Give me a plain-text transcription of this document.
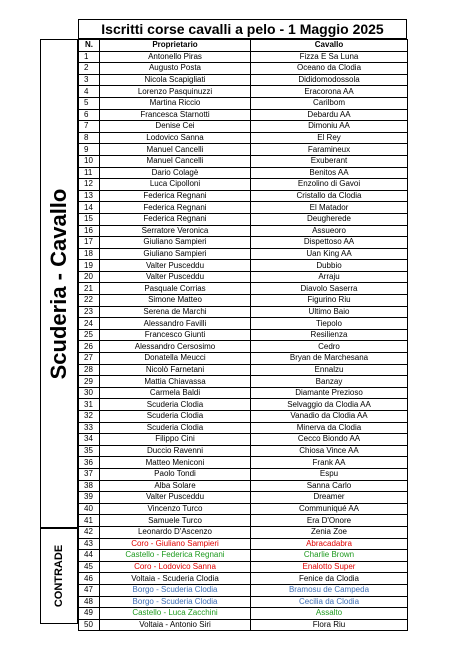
Iscritti corse cavalli a pelo - 1 Maggio 2025
Scuderia - Cavallo
CONTRADE
N.	Proprietario	Cavallo
1	Antonello Piras	Fizza E Sa Luna
2	Augusto Posta	Oceano da Clodia
3	Nicola Scapigliati	Dididomodossola
4	Lorenzo Pasquinuzzi	Eracorona AA
5	Martina Riccio	Carilbom
6	Francesca Starnotti	Debardu AA
7	Denise Cei	Dimoniu AA
8	Lodovico Sanna	El Rey
9	Manuel Cancelli	Faramineux
10	Manuel Cancelli	Exuberant
11	Dario Colagè	Benitos AA
12	Luca Cipolloni	Enzolino di Gavoi
13	Federica Regnani	Cristallo da Clodia
14	Federica Regnani	El Matador
15	Federica Regnani	Deugherede
16	Serratore Veronica	Assueoro
17	Giuliano Sampieri	Dispettoso AA
18	Giuliano Sampieri	Uan King AA
19	Valter Pusceddu	Dubbio
20	Valter Pusceddu	Arraju
21	Pasquale Corrias	Diavolo Saserra
22	Simone Matteo	Figurino Riu
23	Serena de Marchi	Ultimo Baio
24	Alessandro Favilli	Tiepolo
25	Francesco Giunti	Resilienza
26	Alessandro Cersosimo	Cedro
27	Donatella Meucci	Bryan de Marchesana
28	Nicolò Farnetani	Ennalzu
29	Mattia Chiavassa	Banzay
30	Carmela Baldi	Diamante Prezioso
31	Scuderia Clodia	Selvaggio da Clodia AA
32	Scuderia Clodia	Vanadio da Clodia AA
33	Scuderia Clodia	Minerva da Clodia
34	Filippo Cini	Cecco Biondo AA
35	Duccio Ravenni	Chiosa Vince AA
36	Matteo Meniconi	Frank AA
37	Paolo Tondi	Espu
38	Alba Solare	Sanna Carlo
39	Valter Pusceddu	Dreamer
40	Vincenzo Turco	Communiqué AA
41	Samuele Turco	Era D'Onore
42	Leonardo D'Ascenzo	Zenia Zoe
43	Coro - Giuliano Sampieri	Abracadabra
44	Castello - Federica Regnani	Charlie Brown
45	Coro - Lodovico Sanna	Enalotto Super
46	Voltaia - Scuderia Clodia	Fenice da Clodia
47	Borgo - Scuderia Clodia	Bramosu de Campeda
48	Borgo - Scuderia Clodia	Cecilia da Clodia
49	Castello - Luca Zacchini	Assalto
50	Voltaia - Antonio Siri	Flora Riu
